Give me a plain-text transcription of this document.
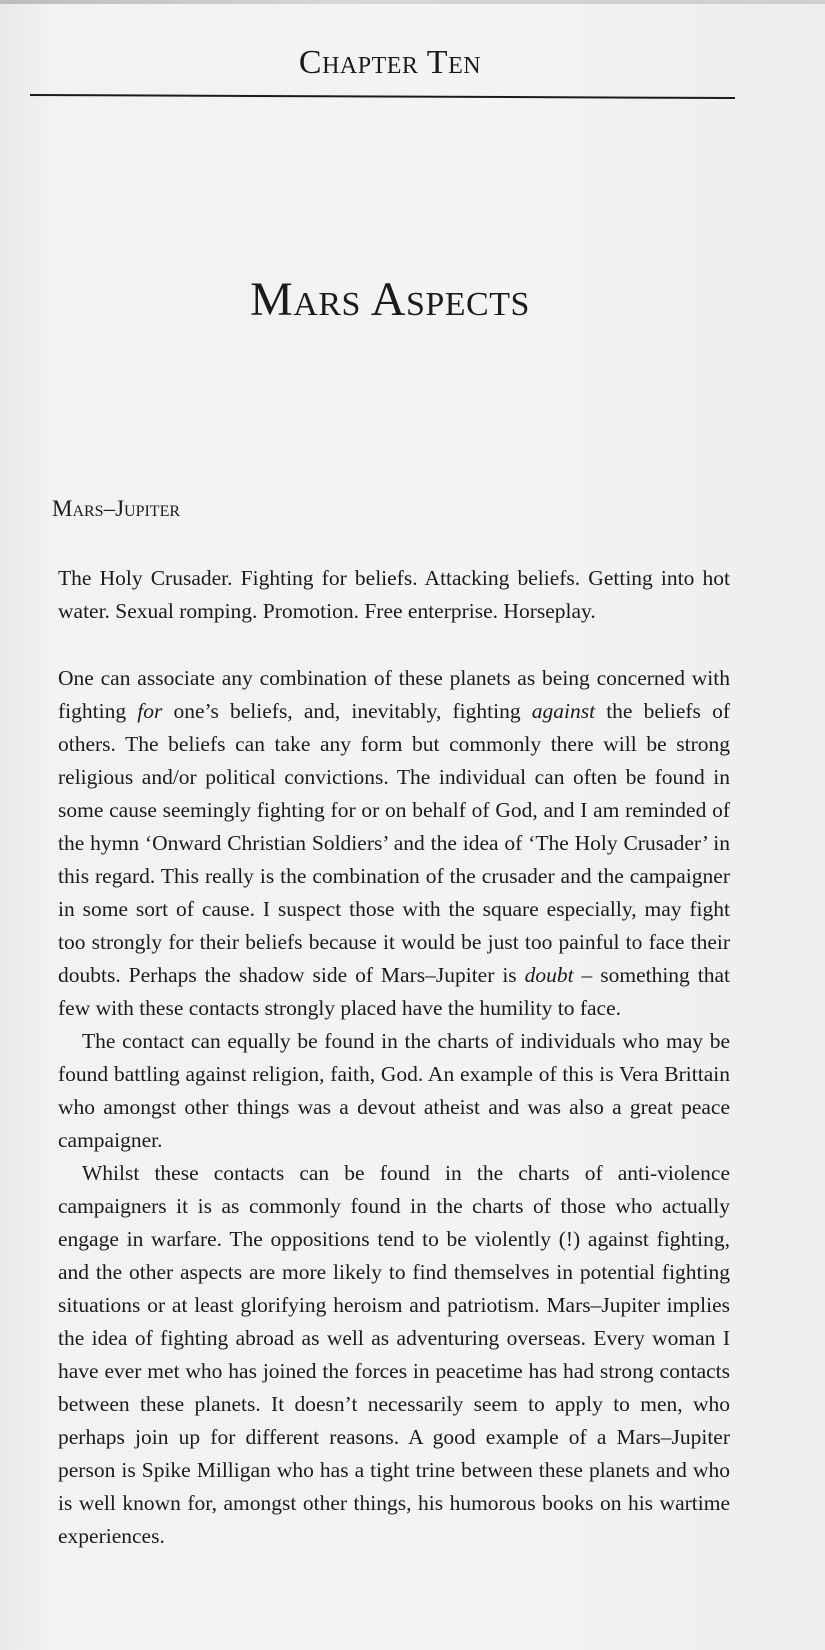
Chapter Ten
Mars Aspects
Mars–Jupiter

The Holy Crusader. Fighting for beliefs. Attacking beliefs. Getting into hot water. Sexual romping. Promotion. Free enterprise. Horseplay.

One can associate any combination of these planets as being concerned with fighting for one’s beliefs, and, inevitably, fighting against the beliefs of others. The beliefs can take any form but commonly there will be strong religious and/or political convictions. The individual can often be found in some cause seemingly fighting for or on behalf of God, and I am reminded of the hymn ‘Onward Christian Soldiers’ and the idea of ‘The Holy Crusader’ in this regard. This really is the combination of the crusader and the campaigner in some sort of cause. I suspect those with the square especially, may fight too strongly for their beliefs because it would be just too painful to face their doubts. Perhaps the shadow side of Mars–Jupiter is doubt – something that few with these contacts strongly placed have the humility to face.

The contact can equally be found in the charts of individuals who may be found battling against religion, faith, God. An example of this is Vera Brittain who amongst other things was a devout atheist and was also a great peace campaigner.

Whilst these contacts can be found in the charts of anti-violence campaigners it is as commonly found in the charts of those who actually engage in warfare. The oppositions tend to be violently (!) against fighting, and the other aspects are more likely to find themselves in potential fighting situations or at least glorifying heroism and patriotism. Mars–Jupiter implies the idea of fighting abroad as well as adventuring overseas. Every woman I have ever met who has joined the forces in peacetime has had strong contacts between these planets. It doesn’t necessarily seem to apply to men, who perhaps join up for different reasons. A good example of a Mars–Jupiter person is Spike Milligan who has a tight trine between these planets and who is well known for, amongst other things, his humorous books on his wartime experiences.
